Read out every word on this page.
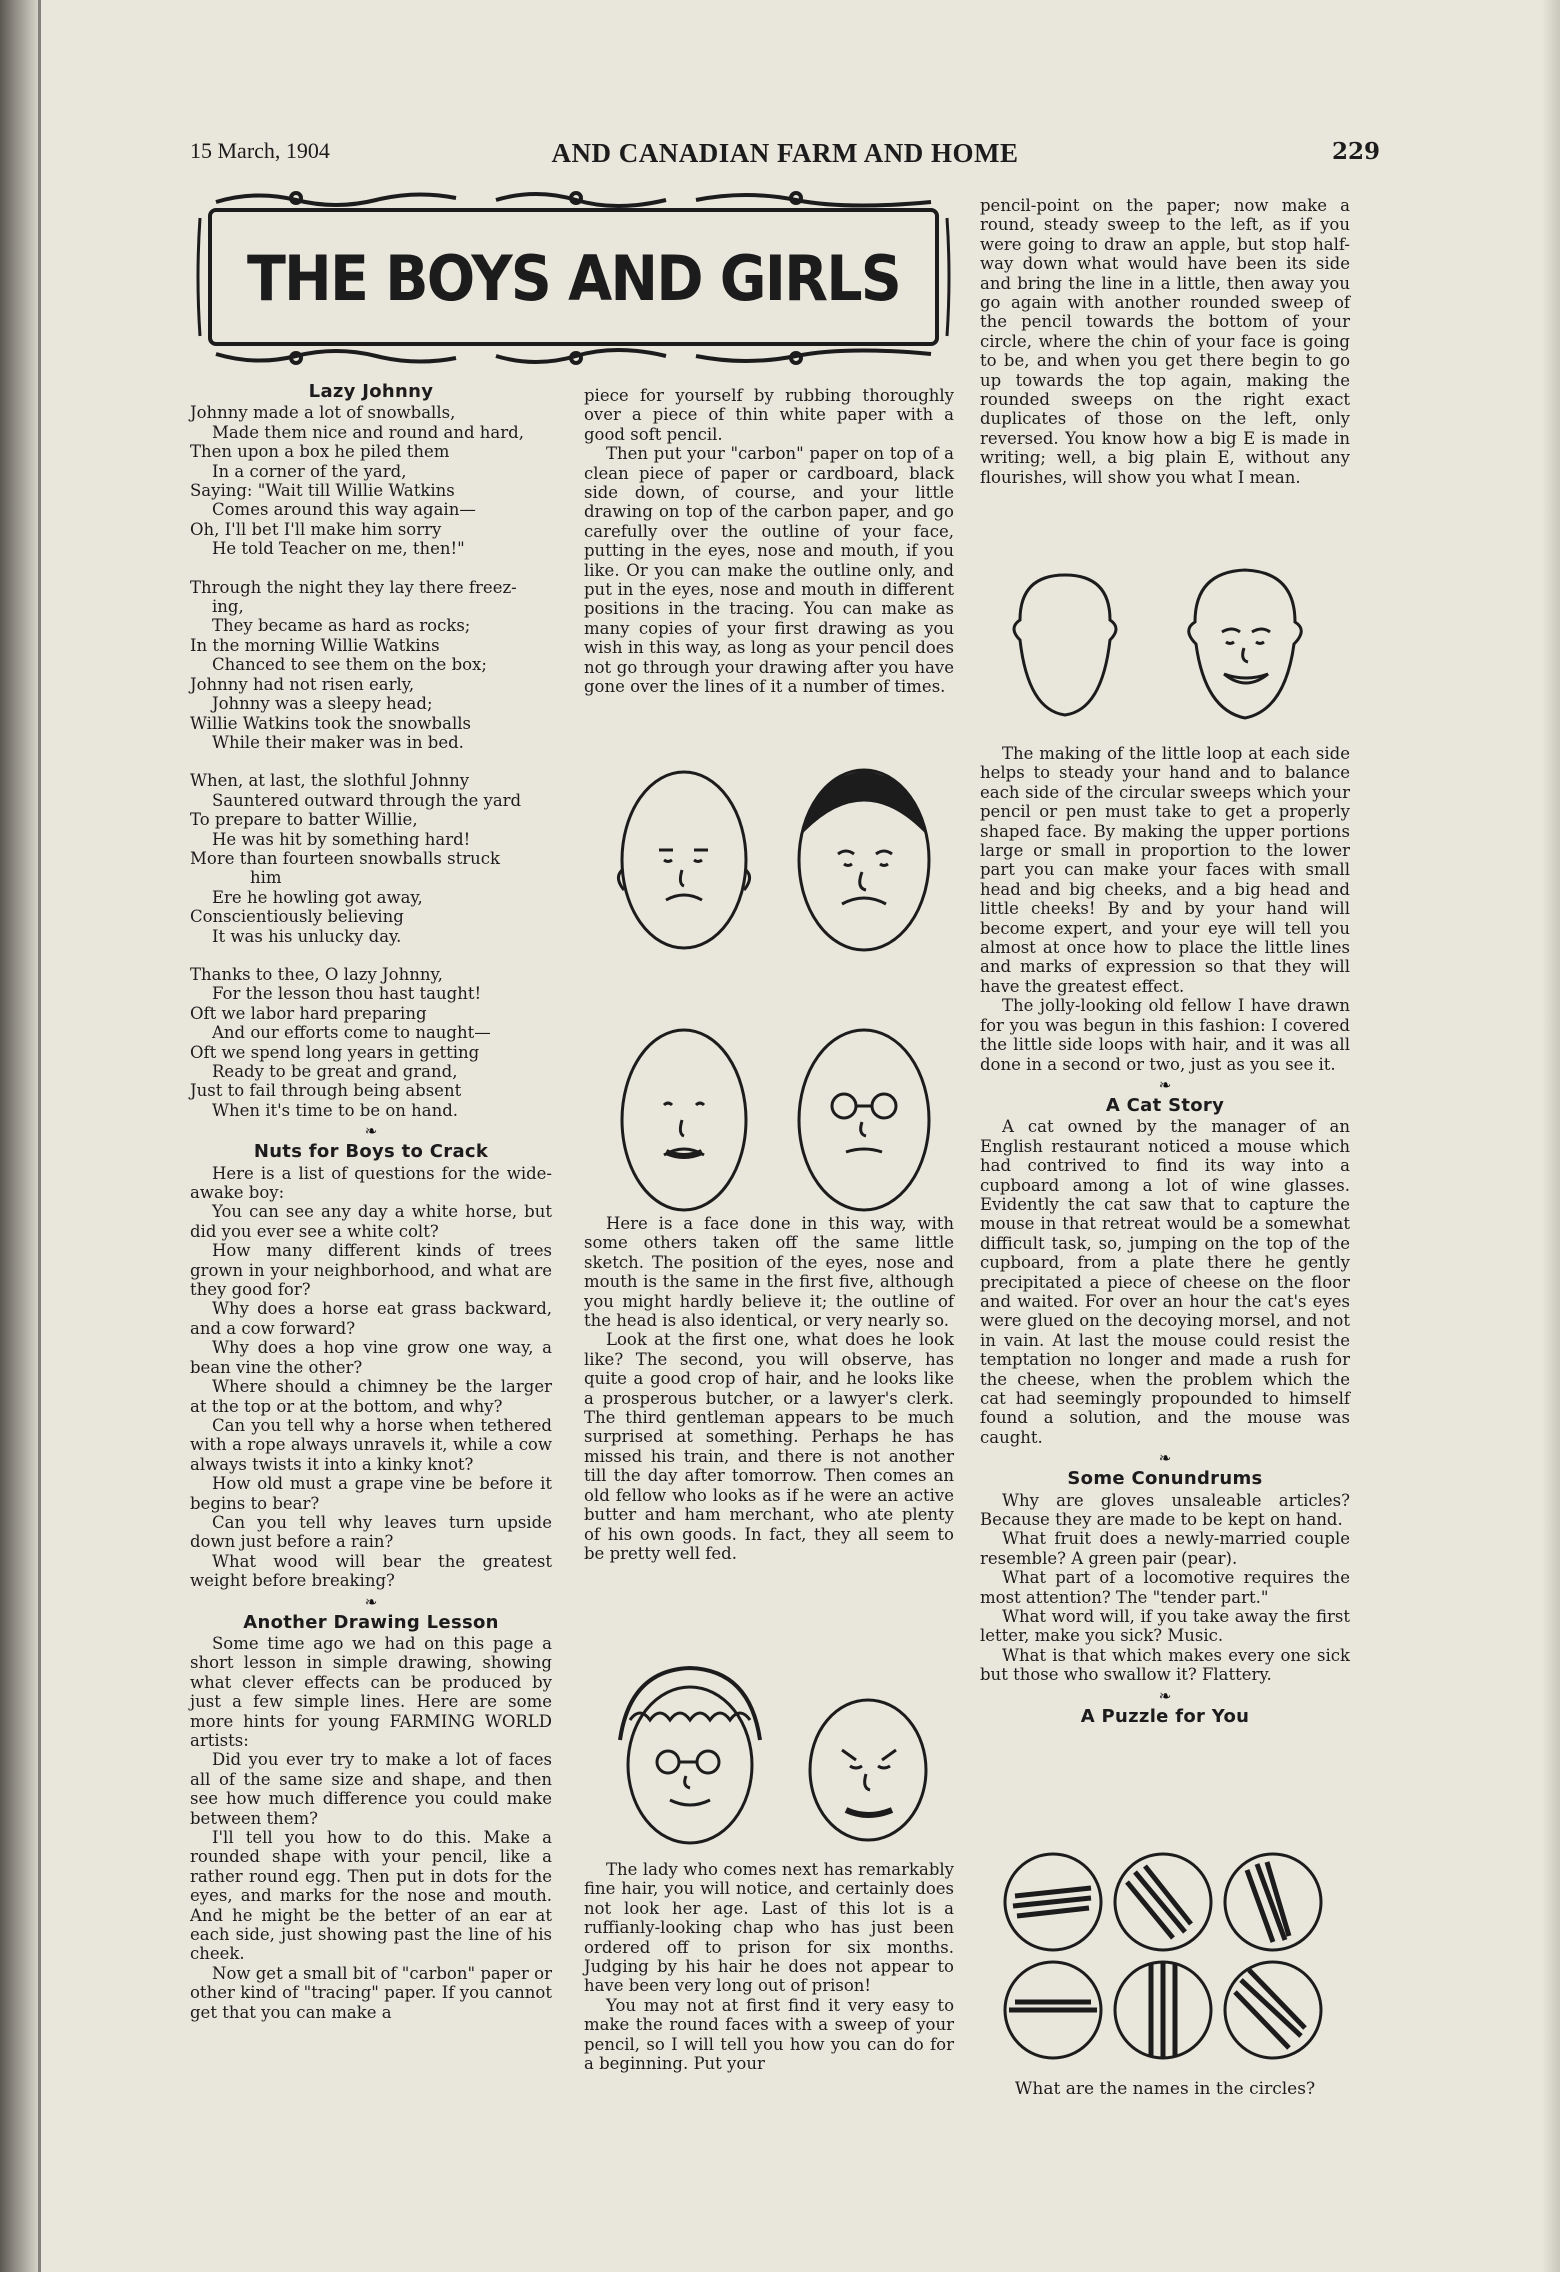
15 March, 1904	AND CANADIAN FARM AND HOME	229
THE BOYS AND GIRLS
Lazy Johnny
Johnny made a lot of snowballs,
Made them nice and round and hard,
Then upon a box he piled them
In a corner of the yard,
Saying: "Wait till Willie Watkins
Comes around this way again—
Oh, I'll bet I'll make him sorry
He told Teacher on me, then!"
Through the night they lay there freez-
ing,
They became as hard as rocks;
In the morning Willie Watkins
Chanced to see them on the box;
Johnny had not risen early,
Johnny was a sleepy head;
Willie Watkins took the snowballs
While their maker was in bed.
When, at last, the slothful Johnny
Sauntered outward through the yard
To prepare to batter Willie,
He was hit by something hard!
More than fourteen snowballs struck
him
Ere he howling got away,
Conscientiously believing
It was his unlucky day.
Thanks to thee, O lazy Johnny,
For the lesson thou hast taught!
Oft we labor hard preparing
And our efforts come to naught—
Oft we spend long years in getting
Ready to be great and grand,
Just to fail through being absent
When it's time to be on hand.
❧
Nuts for Boys to Crack

Here is a list of questions for the wide-awake boy:

You can see any day a white horse, but did you ever see a white colt?

How many different kinds of trees grown in your neighborhood, and what are they good for?

Why does a horse eat grass backward, and a cow forward?

Why does a hop vine grow one way, a bean vine the other?

Where should a chimney be the larger at the top or at the bottom, and why?

Can you tell why a horse when tethered with a rope always unravels it, while a cow always twists it into a kinky knot?

How old must a grape vine be before it begins to bear?

Can you tell why leaves turn upside down just before a rain?

What wood will bear the greatest weight before breaking?

❧
Another Drawing Lesson

Some time ago we had on this page a short lesson in simple drawing, showing what clever effects can be produced by just a few simple lines. Here are some more hints for young FARMING WORLD artists:

Did you ever try to make a lot of faces all of the same size and shape, and then see how much difference you could make between them?

I'll tell you how to do this. Make a rounded shape with your pencil, like a rather round egg. Then put in dots for the eyes, and marks for the nose and mouth. And he might be the better of an ear at each side, just showing past the line of his cheek.

Now get a small bit of "carbon" paper or other kind of "tracing" paper. If you cannot get that you can make a

piece for yourself by rubbing thoroughly over a piece of thin white paper with a good soft pencil.

Then put your "carbon" paper on top of a clean piece of paper or cardboard, black side down, of course, and your little drawing on top of the carbon paper, and go carefully over the outline of your face, putting in the eyes, nose and mouth, if you like. Or you can make the outline only, and put in the eyes, nose and mouth in different positions in the tracing. You can make as many copies of your first drawing as you wish in this way, as long as your pencil does not go through your drawing after you have gone over the lines of it a number of times.

Here is a face done in this way, with some others taken off the same little sketch. The position of the eyes, nose and mouth is the same in the first five, although you might hardly believe it; the outline of the head is also identical, or very nearly so.

Look at the first one, what does he look like? The second, you will observe, has quite a good crop of hair, and he looks like a prosperous butcher, or a lawyer's clerk. The third gentleman appears to be much surprised at something. Perhaps he has missed his train, and there is not another till the day after tomorrow. Then comes an old fellow who looks as if he were an active butter and ham merchant, who ate plenty of his own goods. In fact, they all seem to be pretty well fed.

The lady who comes next has remarkably fine hair, you will notice, and certainly does not look her age. Last of this lot is a ruffianly-looking chap who has just been ordered off to prison for six months. Judging by his hair he does not appear to have been very long out of prison!

You may not at first find it very easy to make the round faces with a sweep of your pencil, so I will tell you how you can do for a beginning. Put your

pencil-point on the paper; now make a round, steady sweep to the left, as if you were going to draw an apple, but stop half-way down what would have been its side and bring the line in a little, then away you go again with another rounded sweep of the pencil towards the bottom of your circle, where the chin of your face is going to be, and when you get there begin to go up towards the top again, making the rounded sweeps on the right exact duplicates of those on the left, only reversed. You know how a big E is made in writing; well, a big plain E, without any flourishes, will show you what I mean.

The making of the little loop at each side helps to steady your hand and to balance each side of the circular sweeps which your pencil or pen must take to get a properly shaped face. By making the upper portions large or small in proportion to the lower part you can make your faces with small head and big cheeks, and a big head and little cheeks! By and by your hand will become expert, and your eye will tell you almost at once how to place the little lines and marks of expression so that they will have the greatest effect.

The jolly-looking old fellow I have drawn for you was begun in this fashion: I covered the little side loops with hair, and it was all done in a second or two, just as you see it.

❧
A Cat Story

A cat owned by the manager of an English restaurant noticed a mouse which had contrived to find its way into a cupboard among a lot of wine glasses. Evidently the cat saw that to capture the mouse in that retreat would be a somewhat difficult task, so, jumping on the top of the cupboard, from a plate there he gently precipitated a piece of cheese on the floor and waited. For over an hour the cat's eyes were glued on the decoying morsel, and not in vain. At last the mouse could resist the temptation no longer and made a rush for the cheese, when the problem which the cat had seemingly propounded to himself found a solution, and the mouse was caught.

❧
Some Conundrums

Why are gloves unsaleable articles? Because they are made to be kept on hand.

What fruit does a newly-married couple resemble? A green pair (pear).

What part of a locomotive requires the most attention? The "tender part."

What word will, if you take away the first letter, make you sick? Music.

What is that which makes every one sick but those who swallow it? Flattery.

❧
A Puzzle for You
What are the names in the circles?
